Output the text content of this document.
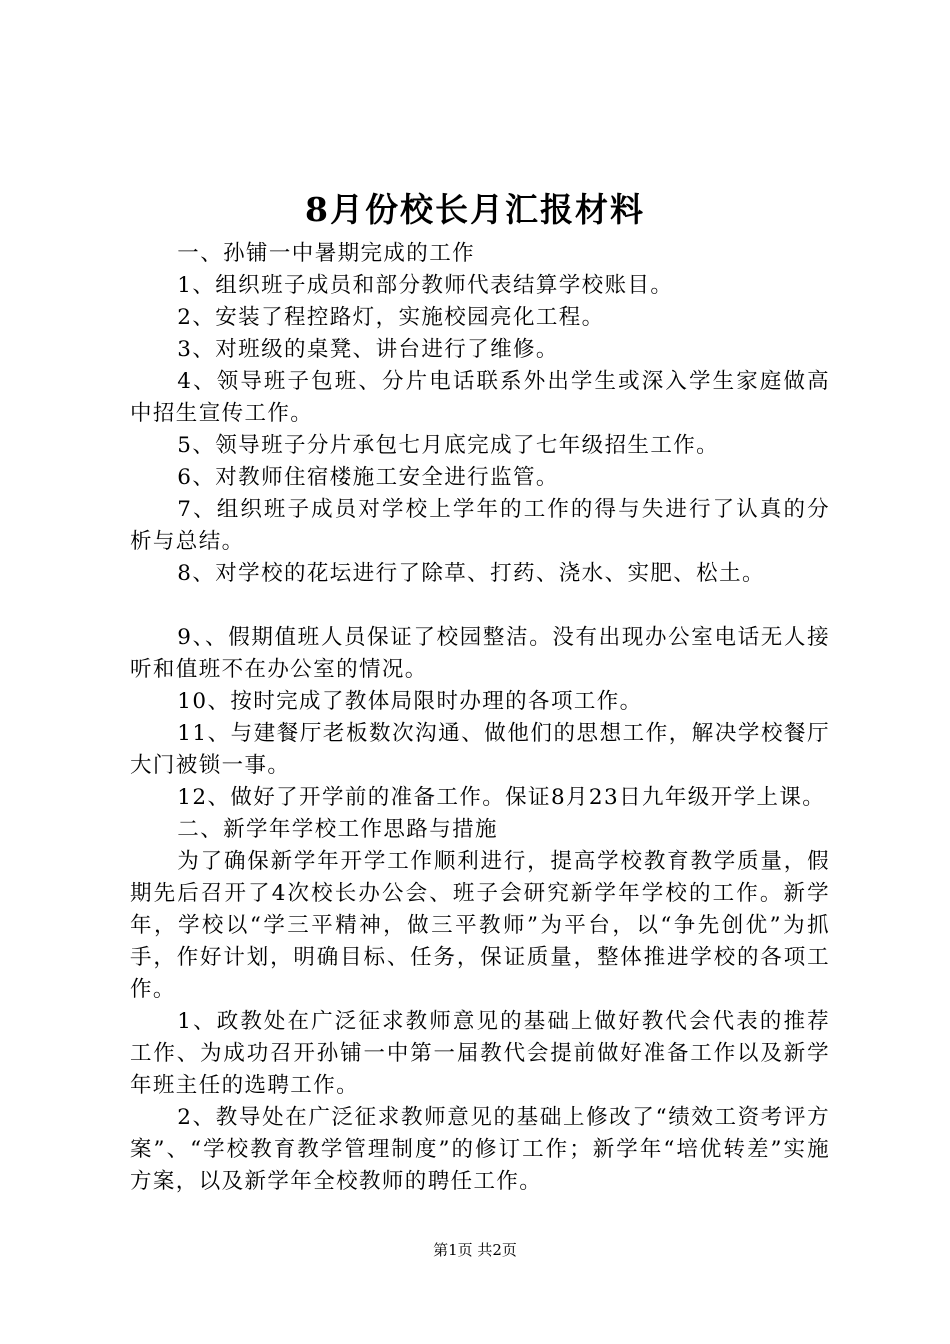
8月份校长月汇报材料

一、孙铺一中暑期完成的工作

1、组织班子成员和部分教师代表结算学校账目。

2、安装了程控路灯，实施校园亮化工程。

3、对班级的桌凳、讲台进行了维修。

4、领导班子包班、分片电话联系外出学生或深入学生家庭做高中招生宣传工作。

5、领导班子分片承包七月底完成了七年级招生工作。

6、对教师住宿楼施工安全进行监管。

7、组织班子成员对学校上学年的工作的得与失进行了认真的分析与总结。

8、对学校的花坛进行了除草、打药、浇水、实肥、松土。

9、、假期值班人员保证了校园整洁。没有出现办公室电话无人接听和值班不在办公室的情况。

10、按时完成了教体局限时办理的各项工作。

11、与建餐厅老板数次沟通、做他们的思想工作，解决学校餐厅大门被锁一事。

12、做好了开学前的准备工作。保证8月23日九年级开学上课。

二、新学年学校工作思路与措施

为了确保新学年开学工作顺利进行，提高学校教育教学质量，假期先后召开了4次校长办公会、班子会研究新学年学校的工作。新学年，学校以“学三平精神，做三平教师”为平台，以“争先创优”为抓手，作好计划，明确目标、任务，保证质量，整体推进学校的各项工作。

1、政教处在广泛征求教师意见的基础上做好教代会代表的推荐工作、为成功召开孙铺一中第一届教代会提前做好准备工作以及新学年班主任的选聘工作。

2、教导处在广泛征求教师意见的基础上修改了“绩效工资考评方案”、“学校教育教学管理制度”的修订工作；新学年“培优转差”实施方案，以及新学年全校教师的聘任工作。

第1页 共2页
